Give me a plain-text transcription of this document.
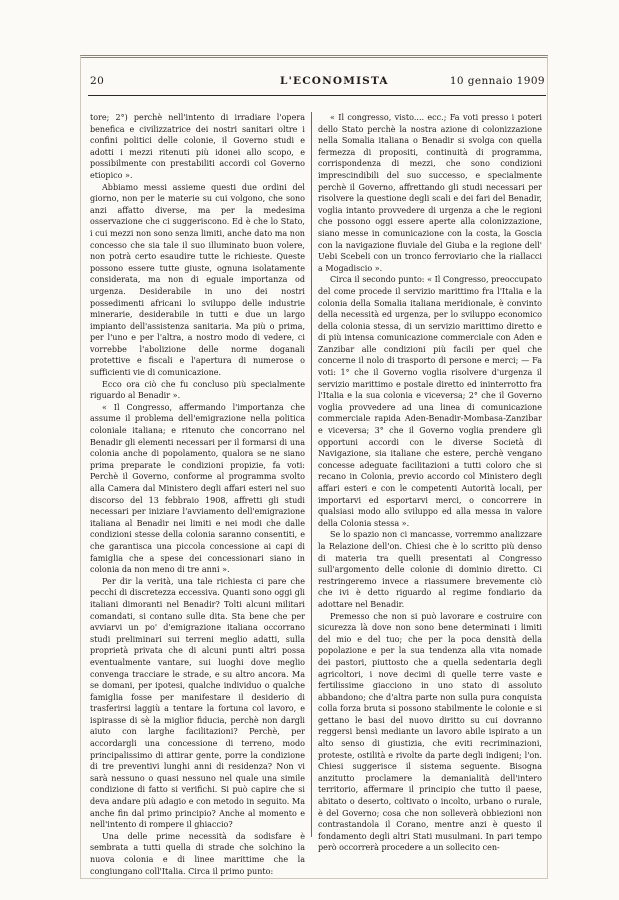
20	L'ECONOMISTA	10 gennaio 1909

tore; 2°) perchè nell'intento di irradiare l'opera benefica e civilizzatrice dei nostri sanitari oltre i confini politici delle colonie, il Governo studi e adotti i mezzi ritenuti più idonei allo scopo, e possibilmente con prestabiliti accordi col Governo etiopico ».

Abbiamo messi assieme questi due ordini del giorno, non per le materie su cui volgono, che sono anzi affatto diverse, ma per la medesima osservazione che ci suggeriscono. Ed è che lo Stato, i cui mezzi non sono senza limiti, anche dato ma non concesso che sia tale il suo illuminato buon volere, non potrà certo esaudire tutte le richieste. Queste possono essere tutte giuste, ognuna isolatamente considerata, ma non di eguale importanza od urgenza. Desiderabile in uno dei nostri possedimenti africani lo sviluppo delle industrie minerarie, desiderabile in tutti e due un largo impianto dell'assistenza sanitaria. Ma più o prima, per l'uno e per l'altra, a nostro modo di vedere, ci vorrebbe l'abolizione delle norme doganali protettive e fiscali e l'apertura di numerose o sufficienti vie di comunicazione.

Ecco ora ciò che fu concluso più specialmente riguardo al Benadir ».

« Il Congresso, affermando l'importanza che assume il problema dell'emigrazione nella politica coloniale italiana; e ritenuto che concorrano nel Benadir gli elementi necessari per il formarsi di una colonia anche di popolamento, qualora se ne siano prima preparate le condizioni propizie, fa voti: Perchè il Governo, conforme al programma svolto alla Camera dal Ministero degli affari esteri nel suo discorso del 13 febbraio 1908, affretti gli studi necessari per iniziare l'avviamento dell'emigrazione italiana al Benadir nei limiti e nei modi che dalle condizioni stesse della colonia saranno consentiti, e che garantisca una piccola concessione ai capi di famiglia che a spese dei concessionari siano in colonia da non meno di tre anni ».

Per dir la verità, una tale richiesta ci pare che pecchi di discretezza eccessiva. Quanti sono oggi gli italiani dimoranti nel Benadir? Tolti alcuni militari comandati, si contano sulle dita. Sta bene che per avviarvi un po' d'emigrazione italiana occorrano studi preliminari sui terreni meglio adatti, sulla proprietà privata che di alcuni punti altri possa eventualmente vantare, sui luoghi dove meglio convenga tracciare le strade, e su altro ancora. Ma se domani, per ipotesi, qualche individuo o qualche famiglia fosse per manifestare il desiderio di trasferirsi laggiù a tentare la fortuna col lavoro, e ispirasse di sè la miglior fiducia, perchè non dargli aiuto con larghe facilitazioni? Perchè, per accordargli una concessione di terreno, modo principalissimo di attirar gente, porre la condizione di tre preventivi lunghi anni di residenza? Non vi sarà nessuno o quasi nessuno nel quale una simile condizione di fatto si verifichi. Si può capire che si deva andare più adagio e con metodo in seguito. Ma anche fin dal primo principio? Anche al momento e nell'intento di rompere il ghiaccio?

Una delle prime necessità da sodisfare è sembrata a tutti quella di strade che solchino la nuova colonia e di linee marittime che la congiungano coll'Italia. Circa il primo punto:

« Il congresso, visto.... ecc.; Fa voti presso i poteri dello Stato perchè la nostra azione di colonizzazione nella Somalia italiana o Benadir si svolga con quella fermezza di propositi, continuità di programma, corrispondenza di mezzi, che sono condizioni imprescindibili del suo successo, e specialmente perchè il Governo, affrettando gli studi necessari per risolvere la questione degli scali e dei fari del Benadir, voglia intanto provvedere di urgenza a che le regioni che possono oggi essere aperte alla colonizzazione, siano messe in comunicazione con la costa, la Goscia con la navigazione fluviale del Giuba e la regione dell' Uebi Scebeli con un tronco ferroviario che la riallacci a Mogadiscio ».

Circa il secondo punto: « Il Congresso, preoccupato del come procede il servizio marittimo fra l'Italia e la colonia della Somalia italiana meridionale, è convinto della necessità ed urgenza, per lo sviluppo economico della colonia stessa, di un servizio marittimo diretto e di più intensa comunicazione commerciale con Aden e Zanzibar alle condizioni più facili per quel che concerne il nolo di trasporto di persone e merci; — Fa voti: 1° che il Governo voglia risolvere d'urgenza il servizio marittimo e postale diretto ed ininterrotto fra l'Italia e la sua colonia e viceversa; 2° che il Governo voglia provvedere ad una linea di comunicazione commerciale rapida Aden-Benadir-Mombasa-Zanzibar e viceversa; 3° che il Governo voglia prendere gli opportuni accordi con le diverse Società di Navigazione, sia italiane che estere, perchè vengano concesse adeguate facilitazioni a tutti coloro che si recano in Colonia, previo accordo col Ministero degli affari esteri e con le competenti Autorità locali, per importarvi ed esportarvi merci, o concorrere in qualsiasi modo allo sviluppo ed alla messa in valore della Colonia stessa ».

Se lo spazio non ci mancasse, vorremmo analizzare la Relazione dell'on. Chiesi che è lo scritto più denso di materia tra quelli presentati al Congresso sull'argomento delle colonie di dominio diretto. Ci restringeremo invece a riassumere brevemente ciò che ivi è detto riguardo al regime fondiario da adottare nel Benadir.

Premesso che non si può lavorare e costruire con sicurezza là dove non sono bene determinati i limiti del mio e del tuo; che per la poca densità della popolazione e per la sua tendenza alla vita nomade dei pastori, piuttosto che a quella sedentaria degli agricoltori, i nove decimi di quelle terre vaste e fertilissime giacciono in uno stato di assoluto abbandono; che d'altra parte non sulla pura conquista colla forza bruta si possono stabilmente le colonie e si gettano le basi del nuovo diritto su cui dovranno reggersi bensì mediante un lavoro abile ispirato a un alto senso di giustizia, che eviti recriminazioni, proteste, ostilità e rivolte da parte degli indigeni; l'on. Chiesi suggerisce il sistema seguente. Bisogna anzitutto proclamere la demanialità dell'intero territorio, affermare il principio che tutto il paese, abitato o deserto, coltivato o incolto, urbano o rurale, è del Governo; cosa che non solleverà obbiezioni non contrastandola il Corano, mentre anzi è questo il fondamento degli altri Stati musulmani. In pari tempo però occorrerà procedere a un sollecito cen-
